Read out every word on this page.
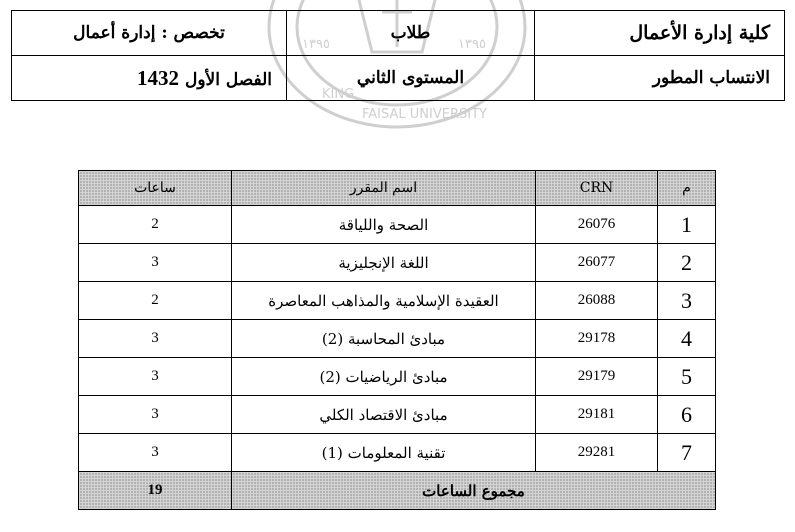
١٣٩٥	١٣٩٥
KING
FAISAL UNIVERSITY
كلية إدارة الأعمال	طلاب	تخصص : إدارة أعمال
الانتساب المطور	المستوى الثاني	الفصل الأول 1432
م	CRN	اسم المقرر	ساعات
1	26076	الصحة واللياقة	2
2	26077	اللغة الإنجليزية	3
3	26088	العقيدة الإسلامية والمذاهب المعاصرة	2
4	29178	مبادئ المحاسبة (2)	3
5	29179	مبادئ الرياضيات (2)	3
6	29181	مبادئ الاقتصاد الكلي	3
7	29281	تقنية المعلومات (1)	3
مجموع الساعات			19
